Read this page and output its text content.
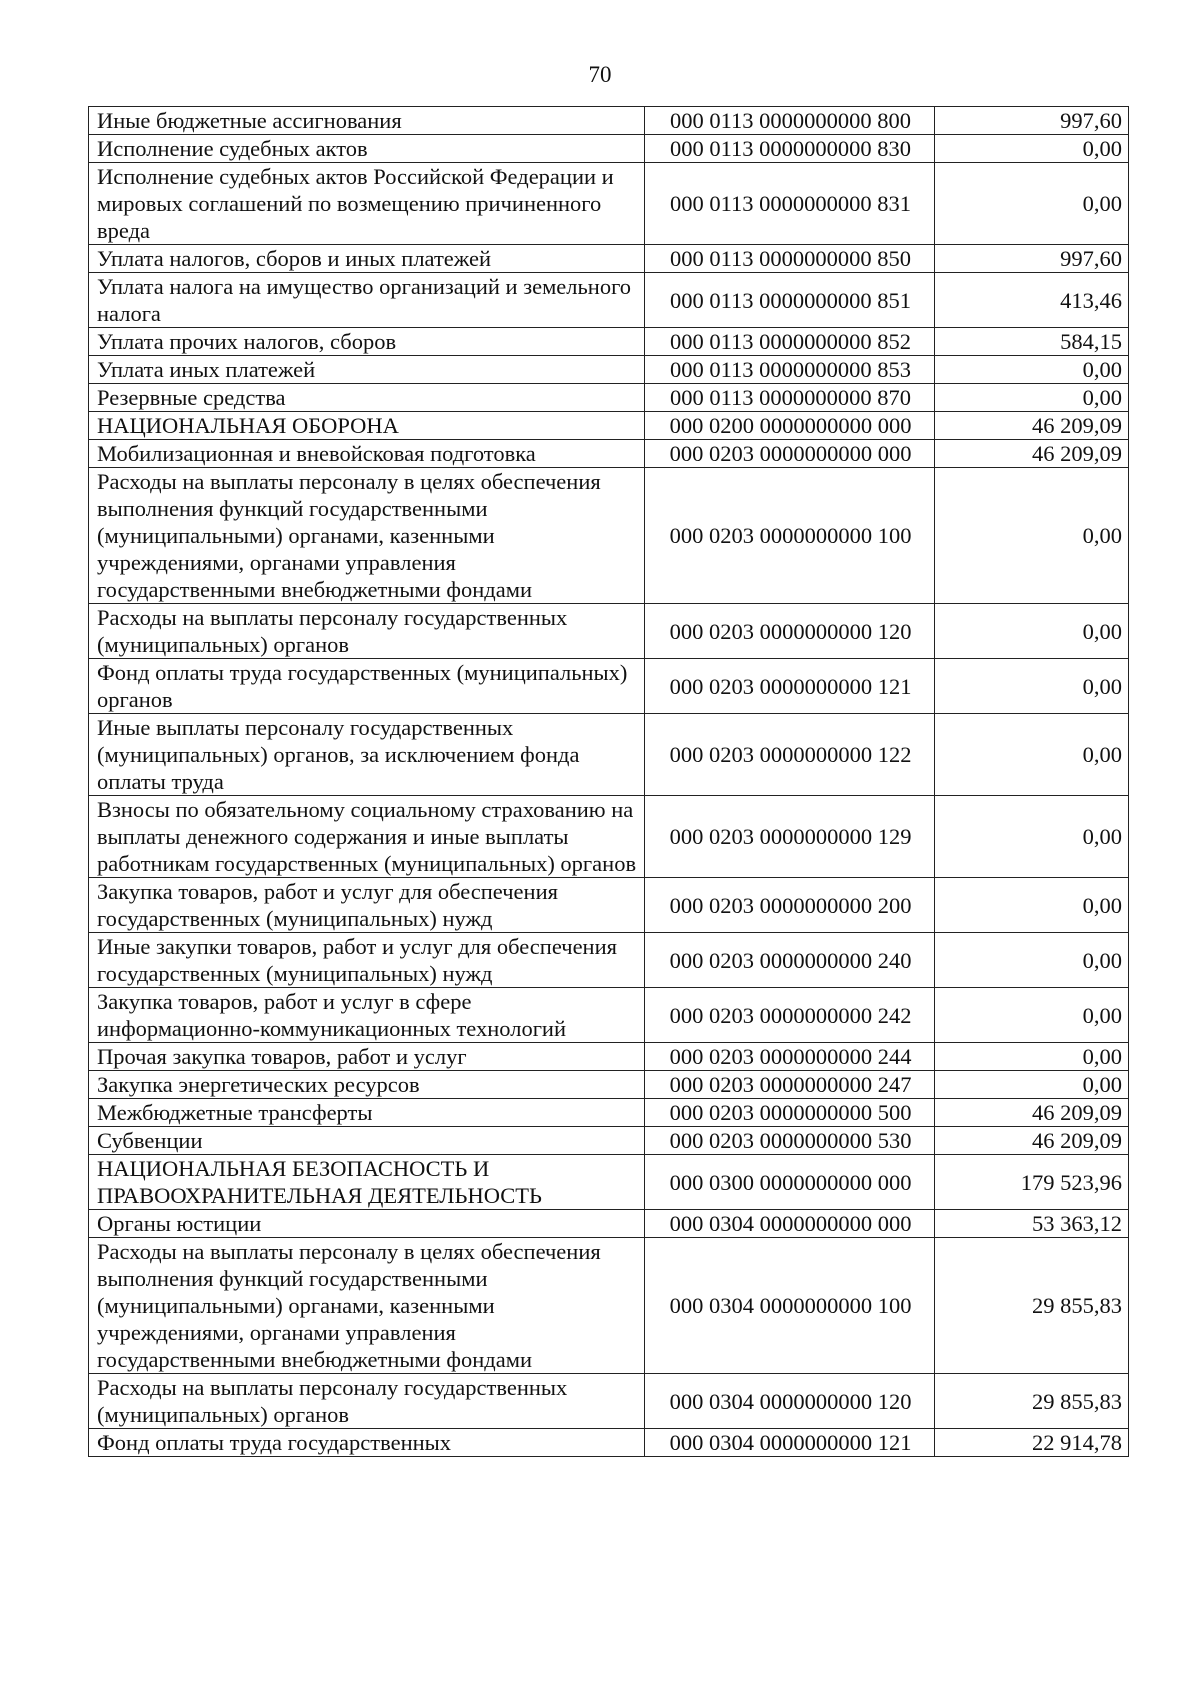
70
Иные бюджетные ассигнования	000 0113 0000000000 800	997,60
Исполнение судебных актов	000 0113 0000000000 830	0,00
Исполнение судебных актов Российской Федерации и мировых соглашений по возмещению причиненного вреда	000 0113 0000000000 831	0,00
Уплата налогов, сборов и иных платежей	000 0113 0000000000 850	997,60
Уплата налога на имущество организаций и земельного налога	000 0113 0000000000 851	413,46
Уплата прочих налогов, сборов	000 0113 0000000000 852	584,15
Уплата иных платежей	000 0113 0000000000 853	0,00
Резервные средства	000 0113 0000000000 870	0,00
НАЦИОНАЛЬНАЯ ОБОРОНА	000 0200 0000000000 000	46 209,09
Мобилизационная и вневойсковая подготовка	000 0203 0000000000 000	46 209,09
Расходы на выплаты персоналу в целях обеспечения выполнения функций государственными (муниципальными) органами, казенными учреждениями, органами управления государственными внебюджетными фондами	000 0203 0000000000 100	0,00
Расходы на выплаты персоналу государственных (муниципальных) органов	000 0203 0000000000 120	0,00
Фонд оплаты труда государственных (муниципальных) органов	000 0203 0000000000 121	0,00
Иные выплаты персоналу государственных (муниципальных) органов, за исключением фонда оплаты труда	000 0203 0000000000 122	0,00
Взносы по обязательному социальному страхованию на выплаты денежного содержания и иные выплаты работникам государственных (муниципальных) органов	000 0203 0000000000 129	0,00
Закупка товаров, работ и услуг для обеспечения государственных (муниципальных) нужд	000 0203 0000000000 200	0,00
Иные закупки товаров, работ и услуг для обеспечения государственных (муниципальных) нужд	000 0203 0000000000 240	0,00
Закупка товаров, работ и услуг в сфере информационно-коммуникационных технологий	000 0203 0000000000 242	0,00
Прочая закупка товаров, работ и услуг	000 0203 0000000000 244	0,00
Закупка энергетических ресурсов	000 0203 0000000000 247	0,00
Межбюджетные трансферты	000 0203 0000000000 500	46 209,09
Субвенции	000 0203 0000000000 530	46 209,09
НАЦИОНАЛЬНАЯ БЕЗОПАСНОСТЬ И ПРАВООХРАНИТЕЛЬНАЯ ДЕЯТЕЛЬНОСТЬ	000 0300 0000000000 000	179 523,96
Органы юстиции	000 0304 0000000000 000	53 363,12
Расходы на выплаты персоналу в целях обеспечения выполнения функций государственными (муниципальными) органами, казенными учреждениями, органами управления государственными внебюджетными фондами	000 0304 0000000000 100	29 855,83
Расходы на выплаты персоналу государственных (муниципальных) органов	000 0304 0000000000 120	29 855,83
Фонд оплаты труда государственных	000 0304 0000000000 121	22 914,78
